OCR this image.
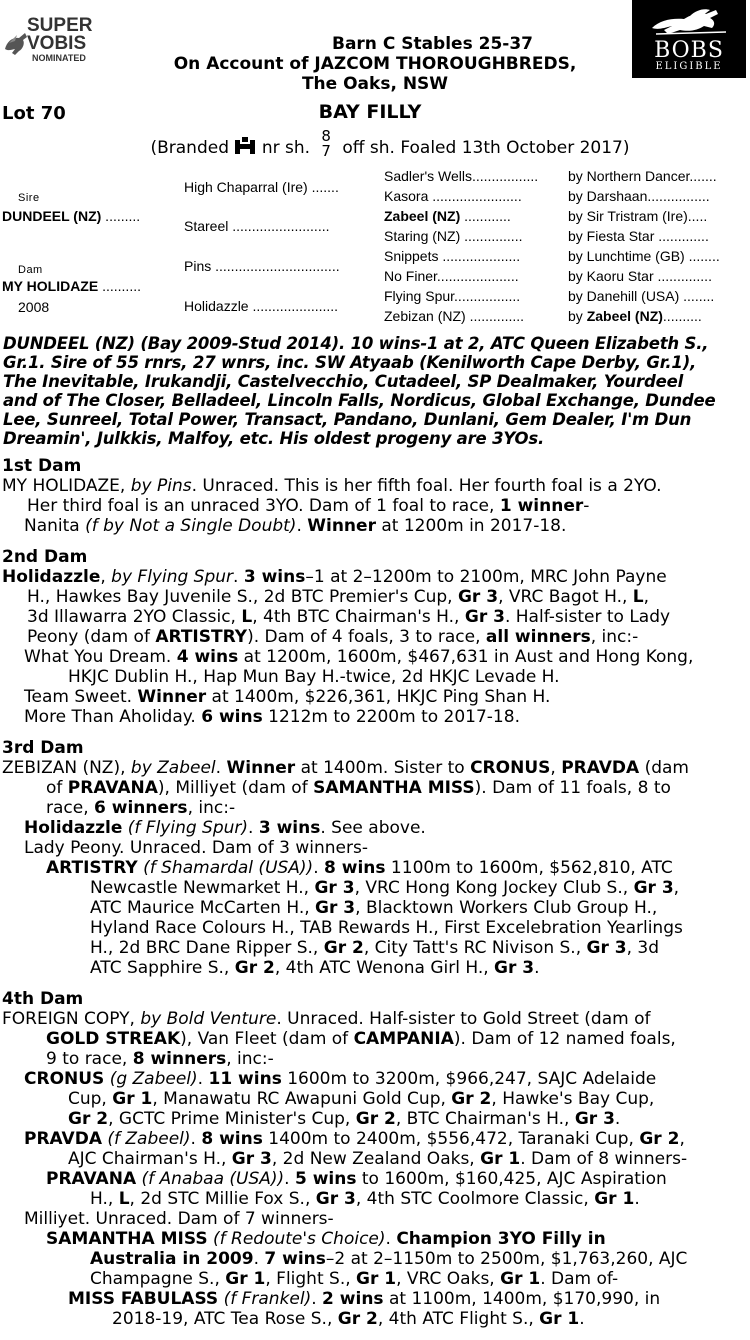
SUPER
VOBIS
NOMINATED	BOBS
ELIGIBLE
Barn C Stables 25-37
On Account of JAZCOM THOROUGHBREDS,
The Oaks, NSW
Lot 70	BAY FILLY
(Branded nr sh.
8
7 off sh. Foaled 13th October 2017)
Sire
DUNDEEL (NZ) .........
Dam
MY HOLIDAZE ..........
2008
High Chaparral (Ire) .......
Stareel .........................
Pins ................................
Holidazzle ......................
Sadler's Wells.................
Kasora .......................
Zabeel (NZ) ............
Staring (NZ) ...............
Snippets ....................
No Finer.....................
Flying Spur.................
Zebizan (NZ) ..............
by Northern Dancer.......
by Darshaan................
by Sir Tristram (Ire).....
by Fiesta Star .............
by Lunchtime (GB) ........
by Kaoru Star ..............
by Danehill (USA) ........
by Zabeel (NZ)..........
DUNDEEL (NZ) (Bay 2009-Stud 2014). 10 wins-1 at 2, ATC Queen Elizabeth S.,
Gr.1. Sire of 55 rnrs, 27 wnrs, inc. SW Atyaab (Kenilworth Cape Derby, Gr.1),
The Inevitable, Irukandji, Castelvecchio, Cutadeel, SP Dealmaker, Yourdeel
and of The Closer, Belladeel, Lincoln Falls, Nordicus, Global Exchange, Dundee
Lee, Sunreel, Total Power, Transact, Pandano, Dunlani, Gem Dealer, I'm Dun
Dreamin', Julkkis, Malfoy, etc. His oldest progeny are 3YOs.
1st Dam
MY HOLIDAZE, by Pins. Unraced. This is her fifth foal. Her fourth foal is a 2YO.
Her third foal is an unraced 3YO. Dam of 1 foal to race, 1 winner-
Nanita (f by Not a Single Doubt). Winner at 1200m in 2017-18.
2nd Dam
Holidazzle, by Flying Spur. 3 wins–1 at 2–1200m to 2100m, MRC John Payne
H., Hawkes Bay Juvenile S., 2d BTC Premier's Cup, Gr 3, VRC Bagot H., L,
3d Illawarra 2YO Classic, L, 4th BTC Chairman's H., Gr 3. Half-sister to Lady
Peony (dam of ARTISTRY). Dam of 4 foals, 3 to race, all winners, inc:-
What You Dream. 4 wins at 1200m, 1600m, $467,631 in Aust and Hong Kong,
HKJC Dublin H., Hap Mun Bay H.-twice, 2d HKJC Levade H.
Team Sweet. Winner at 1400m, $226,361, HKJC Ping Shan H.
More Than Aholiday. 6 wins 1212m to 2200m to 2017-18.
3rd Dam
ZEBIZAN (NZ), by Zabeel. Winner at 1400m. Sister to CRONUS, PRAVDA (dam
of PRAVANA), Milliyet (dam of SAMANTHA MISS). Dam of 11 foals, 8 to
race, 6 winners, inc:-
Holidazzle (f Flying Spur). 3 wins. See above.
Lady Peony. Unraced. Dam of 3 winners-
ARTISTRY (f Shamardal (USA)). 8 wins 1100m to 1600m, $562,810, ATC
Newcastle Newmarket H., Gr 3, VRC Hong Kong Jockey Club S., Gr 3,
ATC Maurice McCarten H., Gr 3, Blacktown Workers Club Group H.,
Hyland Race Colours H., TAB Rewards H., First Excelebration Yearlings
H., 2d BRC Dane Ripper S., Gr 2, City Tatt's RC Nivison S., Gr 3, 3d
ATC Sapphire S., Gr 2, 4th ATC Wenona Girl H., Gr 3.
4th Dam
FOREIGN COPY, by Bold Venture. Unraced. Half-sister to Gold Street (dam of
GOLD STREAK), Van Fleet (dam of CAMPANIA). Dam of 12 named foals,
9 to race, 8 winners, inc:-
CRONUS (g Zabeel). 11 wins 1600m to 3200m, $966,247, SAJC Adelaide
Cup, Gr 1, Manawatu RC Awapuni Gold Cup, Gr 2, Hawke's Bay Cup,
Gr 2, GCTC Prime Minister's Cup, Gr 2, BTC Chairman's H., Gr 3.
PRAVDA (f Zabeel). 8 wins 1400m to 2400m, $556,472, Taranaki Cup, Gr 2,
AJC Chairman's H., Gr 3, 2d New Zealand Oaks, Gr 1. Dam of 8 winners-
PRAVANA (f Anabaa (USA)). 5 wins to 1600m, $160,425, AJC Aspiration
H., L, 2d STC Millie Fox S., Gr 3, 4th STC Coolmore Classic, Gr 1.
Milliyet. Unraced. Dam of 7 winners-
SAMANTHA MISS (f Redoute's Choice). Champion 3YO Filly in
Australia in 2009. 7 wins–2 at 2–1150m to 2500m, $1,763,260, AJC
Champagne S., Gr 1, Flight S., Gr 1, VRC Oaks, Gr 1. Dam of-
MISS FABULASS (f Frankel). 2 wins at 1100m, 1400m, $170,990, in
2018-19, ATC Tea Rose S., Gr 2, 4th ATC Flight S., Gr 1.
